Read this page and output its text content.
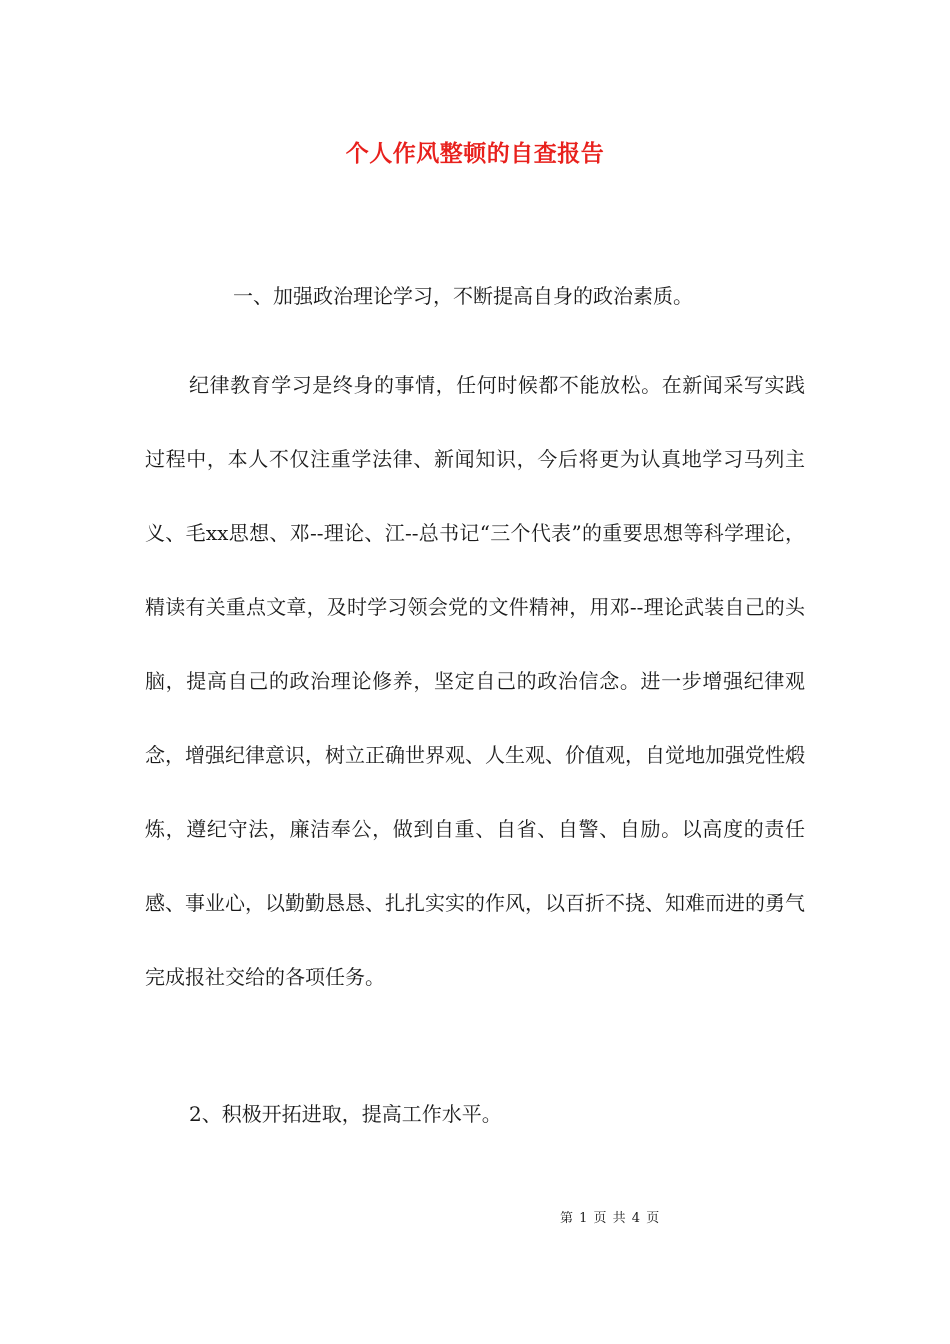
个人作风整顿的自查报告

一、加强政治理论学习，不断提高自身的政治素质。

纪律教育学习是终身的事情，任何时候都不能放松。在新闻采写实践过程中，本人不仅注重学法律、新闻知识，今后将更为认真地学习马列主义、毛xx思想、邓--理论、江--总书记“三个代表”的重要思想等科学理论，精读有关重点文章，及时学习领会党的文件精神，用邓--理论武装自己的头脑，提高自己的政治理论修养，坚定自己的政治信念。进一步增强纪律观念，增强纪律意识，树立正确世界观、人生观、价值观，自觉地加强党性煅炼，遵纪守法，廉洁奉公，做到自重、自省、自警、自励。以高度的责任感、事业心，以勤勤恳恳、扎扎实实的作风，以百折不挠、知难而进的勇气完成报社交给的各项任务。

2、积极开拓进取，提高工作水平。

第 1 页 共 4 页
